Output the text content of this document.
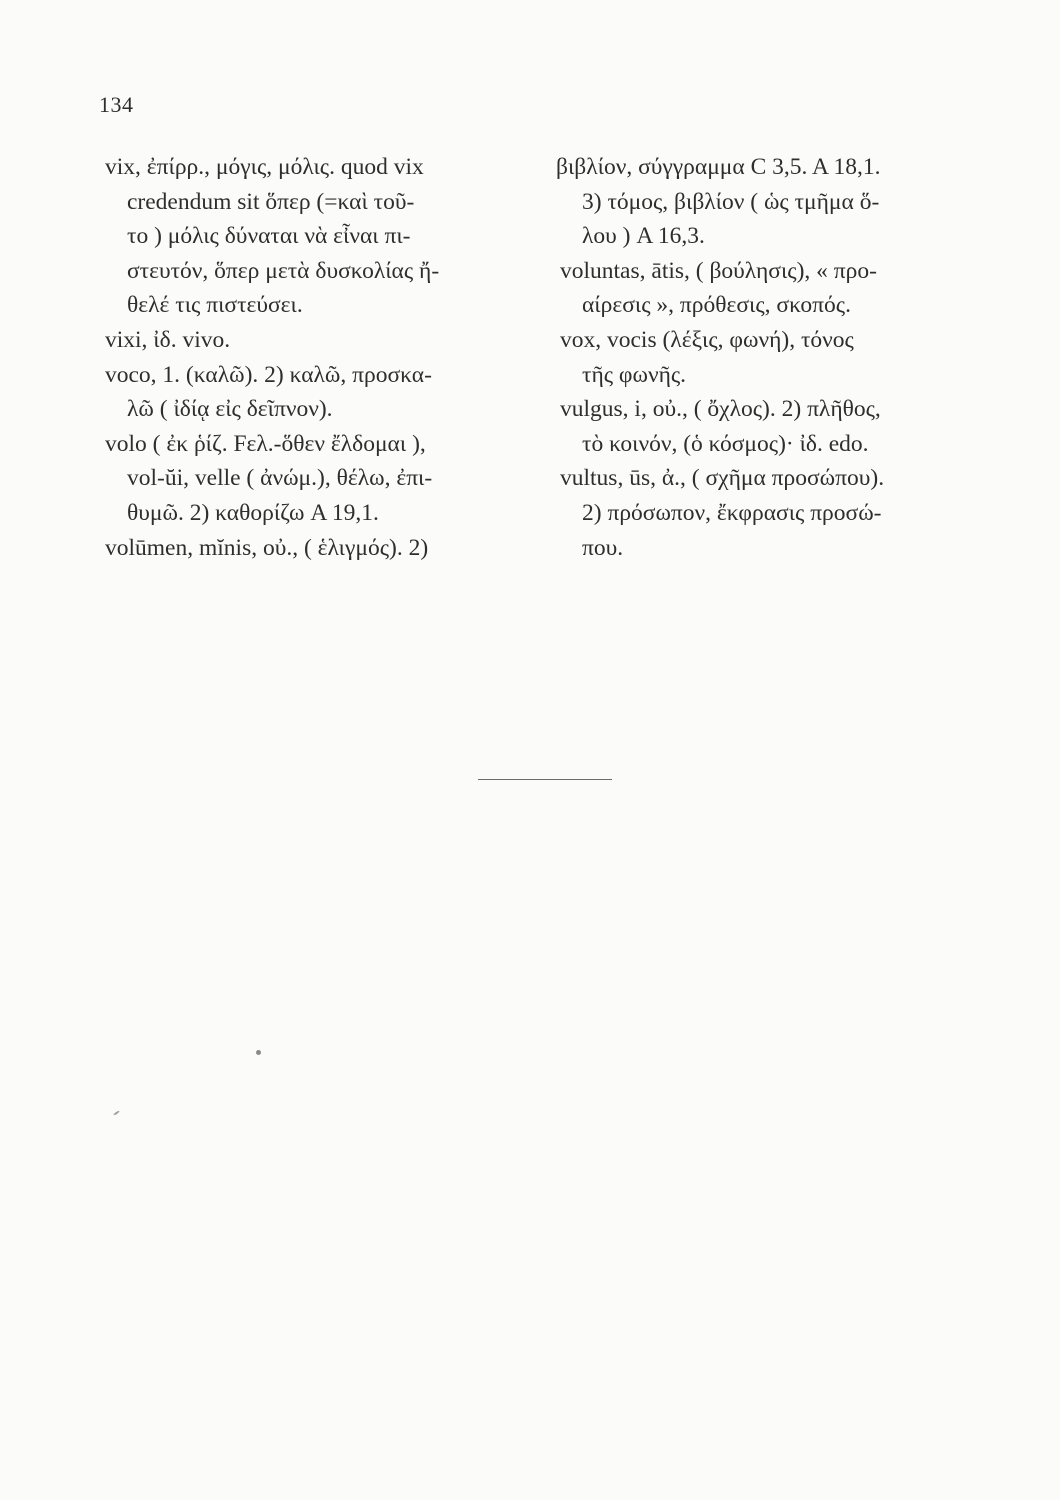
134
vix, ἐπίρρ., μόγις, μόλις. quod vix
credendum sit ὅπερ (=καὶ τοῦ-
το ) μόλις δύναται νὰ εἶναι πι-
στευτόν, ὅπερ μετὰ δυσκολίας ἤ-
θελέ τις πιστεύσει.
vixi, ἰδ. vivo.
voco, 1. (καλῶ). 2) καλῶ, προσκα-
λῶ ( ἰδίᾳ εἰς δεῖπνον).
volo ( ἐκ ῥίζ. Fελ.-ὅθεν ἔλδομαι ),
vol-ŭi, velle ( ἀνώμ.), θέλω, ἐπι-
θυμῶ. 2) καθορίζω A 19,1.
volūmen, mĭnis, οὐ., ( ἑλιγμός). 2)
βιβλίον, σύγγραμμα C 3,5. A 18,1.
3) τόμος, βιβλίον ( ὡς τμῆμα ὅ-
λου ) A 16,3.
voluntas, ātis, ( βούλησις), « προ-
αίρεσις », πρόθεσις, σκοπός.
vox, vocis (λέξις, φωνή), τόνος
τῆς φωνῆς.
vulgus, i, οὐ., ( ὄχλος). 2) πλῆθος,
τὸ κοινόν, (ὁ κόσμος)· ἰδ. edo.
vultus, ūs, ἀ., ( σχῆμα προσώπου).
2) πρόσωπον, ἔκφρασις προσώ-
που.
